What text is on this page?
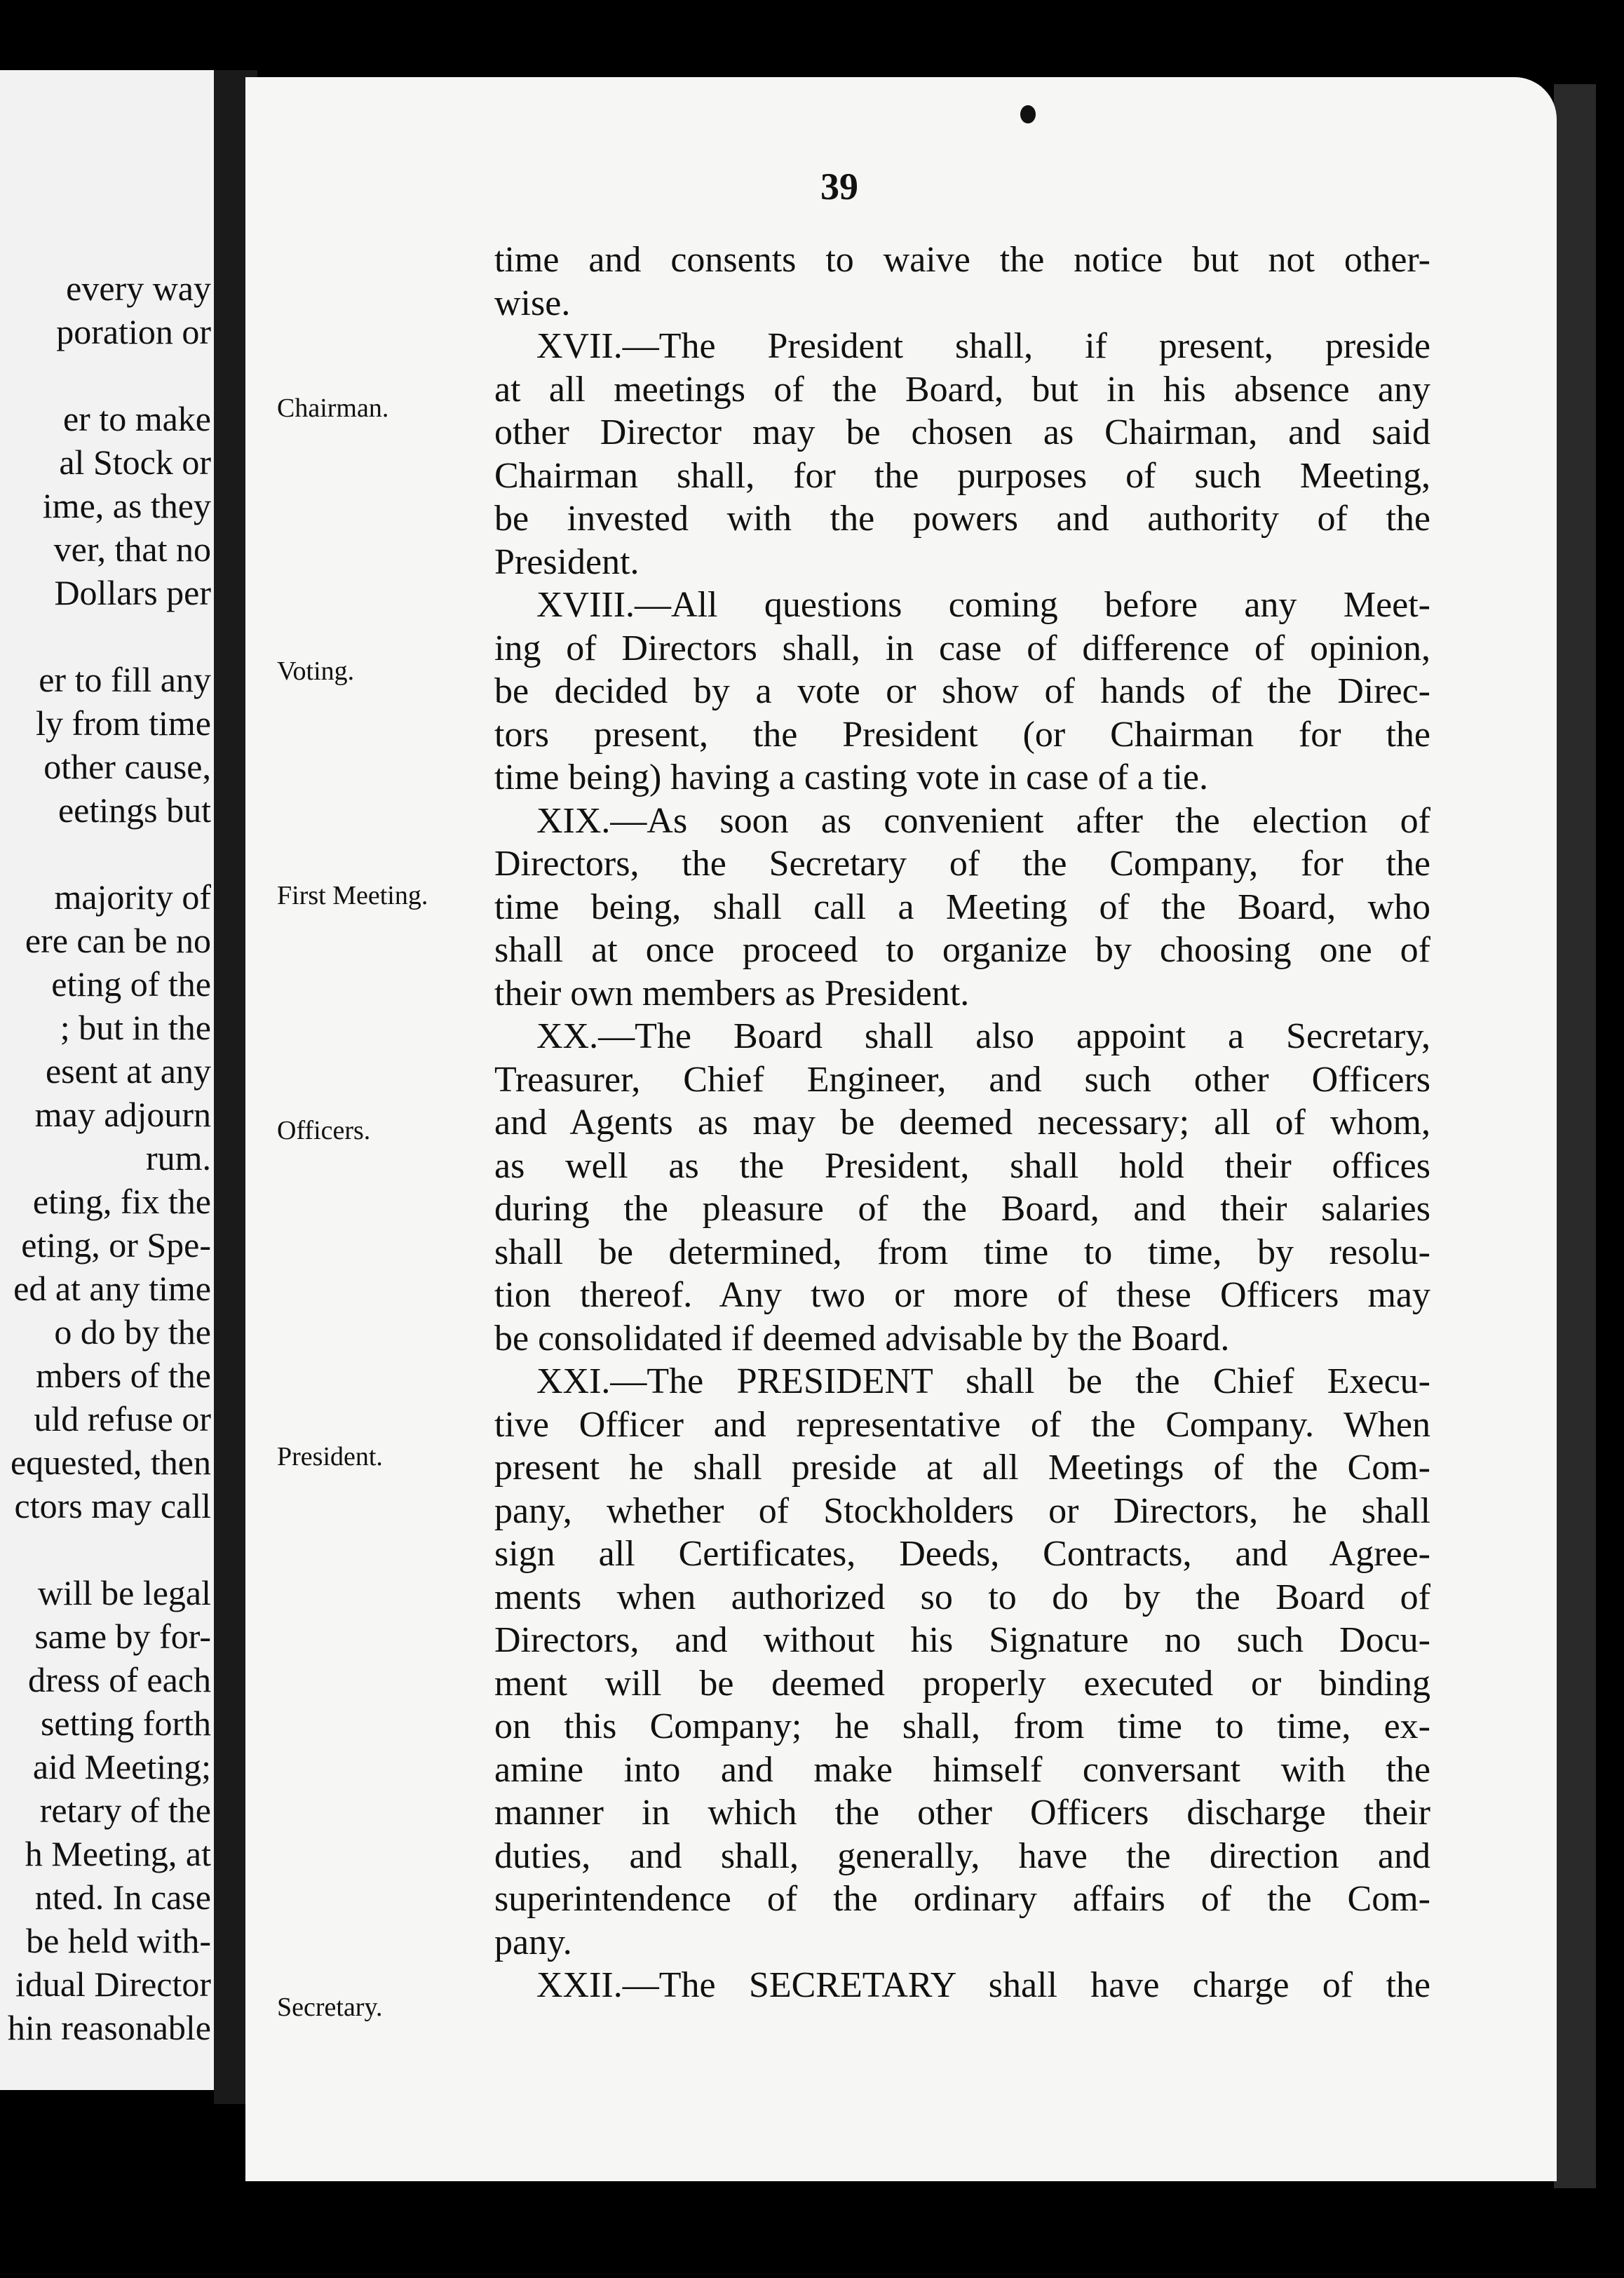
every way
poration or
er to make
al Stock or
ime, as they
ver, that no
Dollars per
er to fill any
ly from time
other cause,
eetings but
majority of
ere can be no
eting of the
; but in the
esent at any
may adjourn
rum.
eting, fix the
eting, or Spe-
ed at any time
o do by the
mbers of the
uld refuse or
equested, then
ctors may call
will be legal
same by for-
dress of each
setting forth
aid Meeting;
retary of the
h Meeting, at
nted. In case
be held with-
idual Director
hin reasonable
39
Chairman.
Voting.
First Meeting.
Officers.
President.
Secretary.
time and consents to waive the notice but not other-
wise.
XVII.—The President shall, if present, preside
at all meetings of the Board, but in his absence any
other Director may be chosen as Chairman, and said
Chairman shall, for the purposes of such Meeting,
be invested with the powers and authority of the
President.
XVIII.—All questions coming before any Meet-
ing of Directors shall, in case of difference of opinion,
be decided by a vote or show of hands of the Direc-
tors present, the President (or Chairman for the
time being) having a casting vote in case of a tie.
XIX.—As soon as convenient after the election of
Directors, the Secretary of the Company, for the
time being, shall call a Meeting of the Board, who
shall at once proceed to organize by choosing one of
their own members as President.
XX.—The Board shall also appoint a Secretary,
Treasurer, Chief Engineer, and such other Officers
and Agents as may be deemed necessary; all of whom,
as well as the President, shall hold their offices
during the pleasure of the Board, and their salaries
shall be determined, from time to time, by resolu-
tion thereof. Any two or more of these Officers may
be consolidated if deemed advisable by the Board.
XXI.—The PRESIDENT shall be the Chief Execu-
tive Officer and representative of the Company. When
present he shall preside at all Meetings of the Com-
pany, whether of Stockholders or Directors, he shall
sign all Certificates, Deeds, Contracts, and Agree-
ments when authorized so to do by the Board of
Directors, and without his Signature no such Docu-
ment will be deemed properly executed or binding
on this Company; he shall, from time to time, ex-
amine into and make himself conversant with the
manner in which the other Officers discharge their
duties, and shall, generally, have the direction and
superintendence of the ordinary affairs of the Com-
pany.
XXII.—The SECRETARY shall have charge of the
